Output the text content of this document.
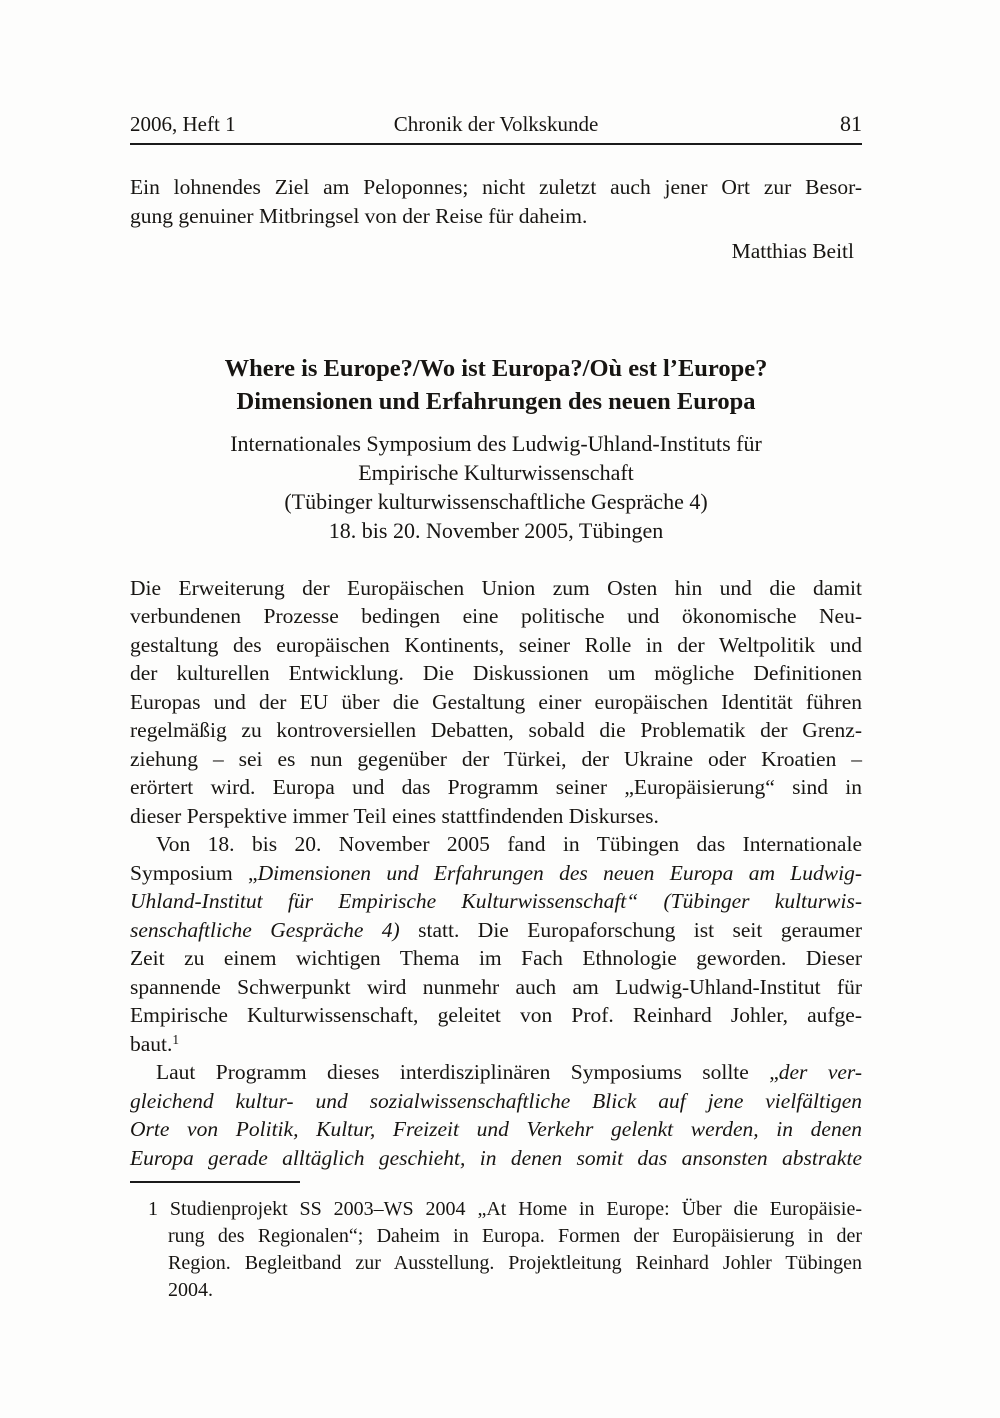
2006, Heft 1	Chronik der Volkskunde	81
Ein lohnendes Ziel am Peloponnes; nicht zuletzt auch jener Ort zur Besor-
gung genuiner Mitbringsel von der Reise für daheim.
Matthias Beitl
Where is Europe?/Wo ist Europa?/Où est l’Europe?
Dimensionen und Erfahrungen des neuen Europa
Internationales Symposium des Ludwig-Uhland-Instituts für
Empirische Kulturwissenschaft
(Tübinger kulturwissenschaftliche Gespräche 4)
18. bis 20. November 2005, Tübingen
Die Erweiterung der Europäischen Union zum Osten hin und die damit
verbundenen Prozesse bedingen eine politische und ökonomische Neu-
gestaltung des europäischen Kontinents, seiner Rolle in der Weltpolitik und
der kulturellen Entwicklung. Die Diskussionen um mögliche Definitionen
Europas und der EU über die Gestaltung einer europäischen Identität führen
regelmäßig zu kontroversiellen Debatten, sobald die Problematik der Grenz-
ziehung – sei es nun gegenüber der Türkei, der Ukraine oder Kroatien –
erörtert wird. Europa und das Programm seiner „Europäisierung“ sind in
dieser Perspektive immer Teil eines stattfindenden Diskurses.
Von 18. bis 20. November 2005 fand in Tübingen das Internationale
Symposium „Dimensionen und Erfahrungen des neuen Europa am Ludwig-
Uhland-Institut für Empirische Kulturwissenschaft“ (Tübinger kulturwis-
senschaftliche Gespräche 4) statt. Die Europaforschung ist seit geraumer
Zeit zu einem wichtigen Thema im Fach Ethnologie geworden. Dieser
spannende Schwerpunkt wird nunmehr auch am Ludwig-Uhland-Institut für
Empirische Kulturwissenschaft, geleitet von Prof. Reinhard Johler, aufge-
baut.$^1$
Laut Programm dieses interdisziplinären Symposiums sollte „der ver-
gleichend kultur- und sozialwissenschaftliche Blick auf jene vielfältigen
Orte von Politik, Kultur, Freizeit und Verkehr gelenkt werden, in denen
Europa gerade alltäglich geschieht, in denen somit das ansonsten abstrakte
1 Studienprojekt SS 2003–WS 2004 „At Home in Europe: Über die Europäisie-
rung des Regionalen“; Daheim in Europa. Formen der Europäisierung in der
Region. Begleitband zur Ausstellung. Projektleitung Reinhard Johler Tübingen
2004.
